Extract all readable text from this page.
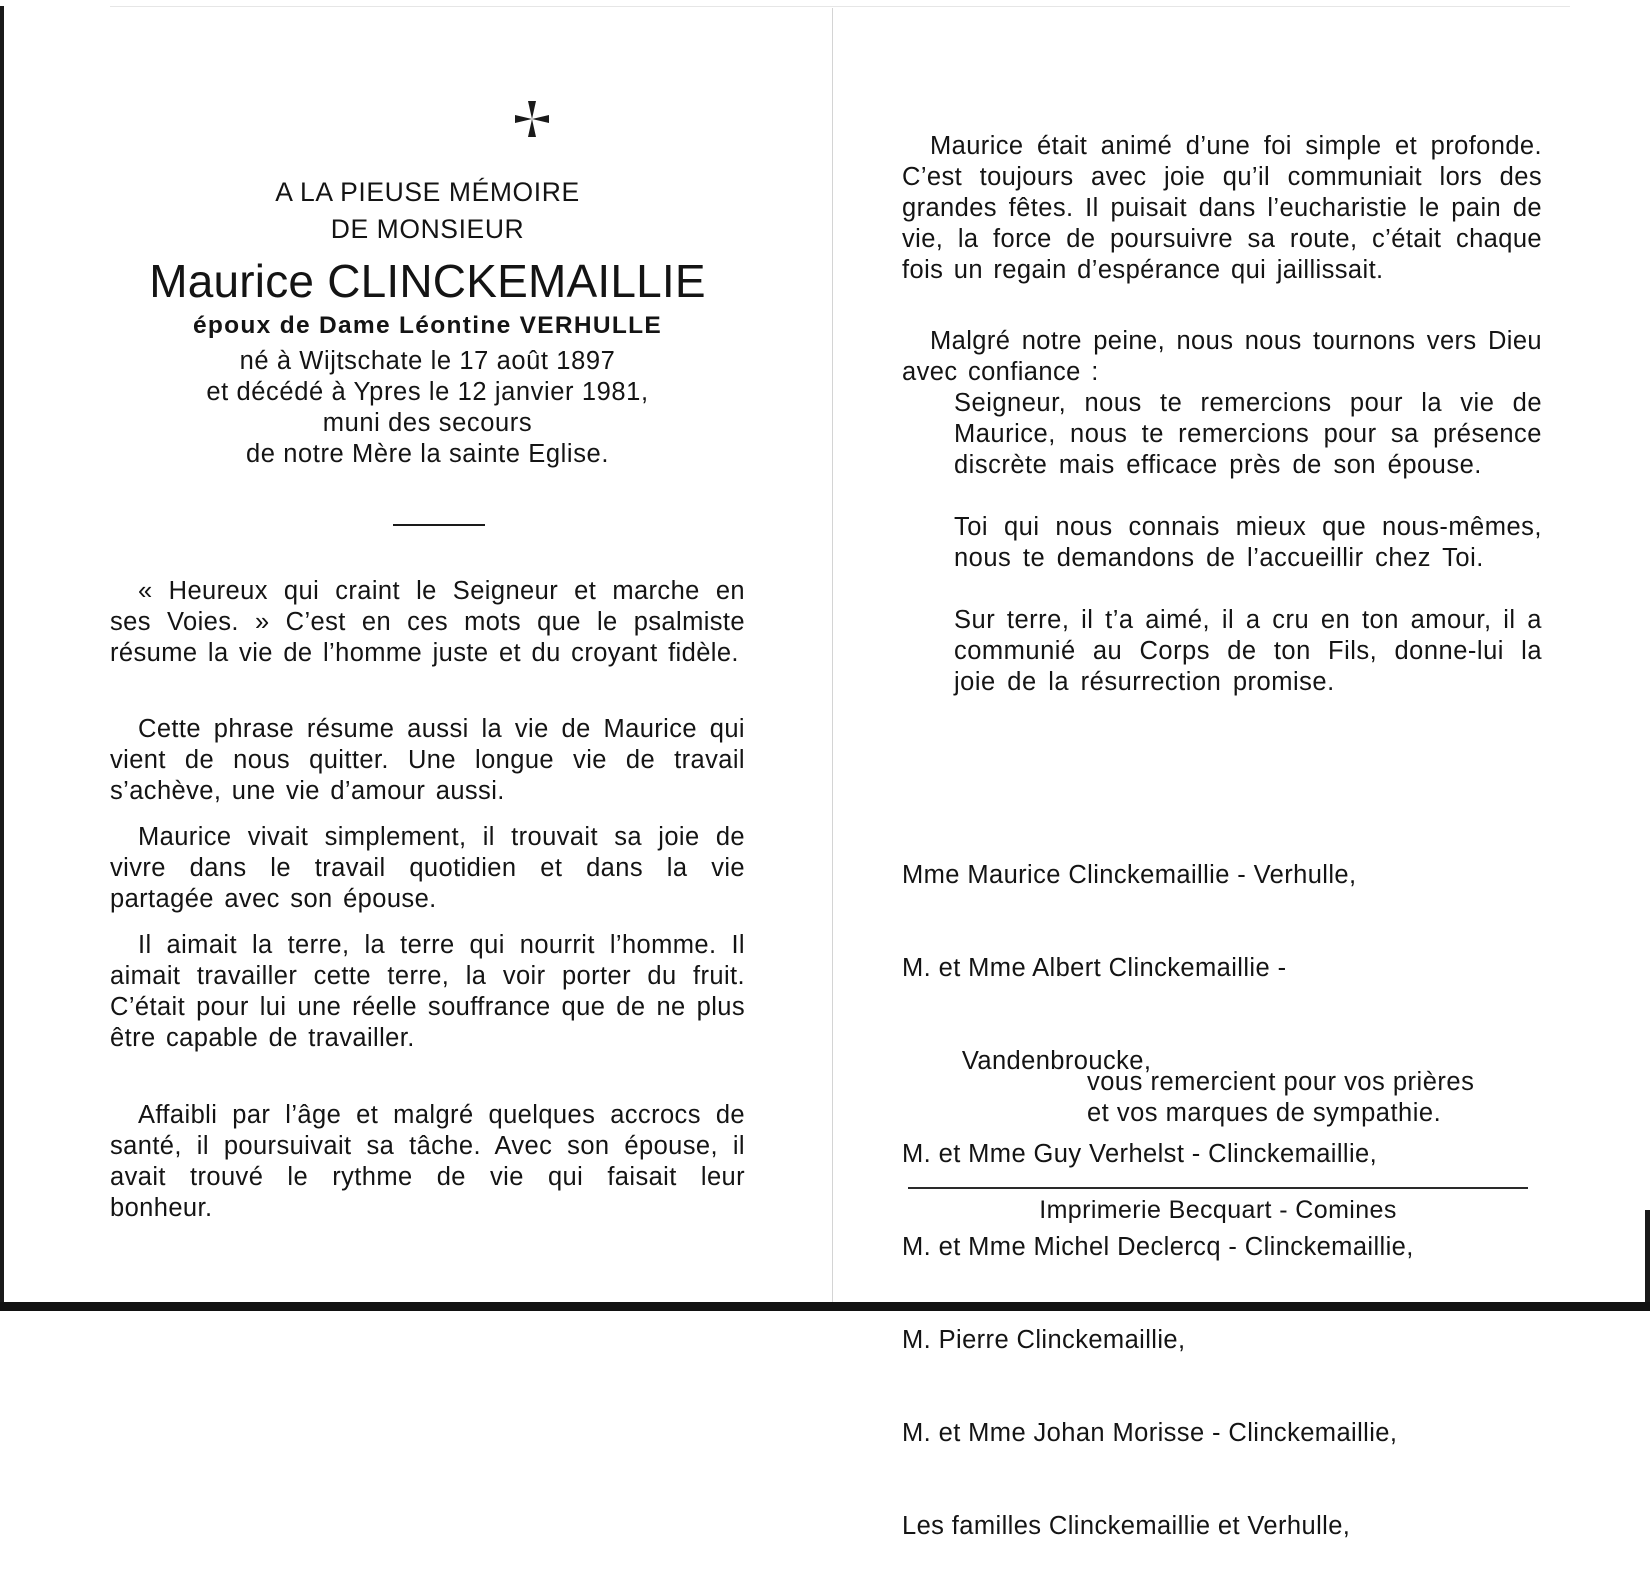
A LA PIEUSE MÉMOIRE
DE MONSIEUR
Maurice CLINCKEMAILLIE
époux de Dame Léontine VERHULLE
né à Wijtschate le 17 août 1897
et décédé à Ypres le 12 janvier 1981,
muni des secours
de notre Mère la sainte Eglise.
« Heureux qui craint le Seigneur et marche en ses Voies. » C’est en ces mots que le psalmiste résume la vie de l’homme juste et du croyant fidèle.
Cette phrase résume aussi la vie de Maurice qui vient de nous quitter. Une longue vie de travail s’achève, une vie d’amour aussi.
Maurice vivait simplement, il trouvait sa joie de vivre dans le travail quotidien et dans la vie partagée avec son épouse.
Il aimait la terre, la terre qui nourrit l’homme. Il aimait travailler cette terre, la voir porter du fruit. C’était pour lui une réelle souffrance que de ne plus être capable de travailler.
Affaibli par l’âge et malgré quelques accrocs de santé, il poursuivait sa tâche. Avec son épouse, il avait trouvé le rythme de vie qui faisait leur bonheur.
Maurice était animé d’une foi simple et profonde. C’est toujours avec joie qu’il communiait lors des grandes fêtes. Il puisait dans l’eucharistie le pain de vie, la force de poursuivre sa route, c’était chaque fois un regain d’espérance qui jaillissait.
Malgré notre peine, nous nous tournons vers Dieu avec confiance :
Seigneur, nous te remercions pour la vie de Maurice, nous te remercions pour sa présence discrète mais efficace près de son épouse.
Toi qui nous connais mieux que nous-mêmes, nous te demandons de l’accueillir chez Toi.
Sur terre, il t’a aimé, il a cru en ton amour, il a communié au Corps de ton Fils, donne-lui la joie de la résurrection promise.

Mme Maurice Clinckemaillie - Verhulle,

M. et Mme Albert Clinckemaillie -

Vandenbroucke,

M. et Mme Guy Verhelst - Clinckemaillie,

M. et Mme Michel Declercq - Clinckemaillie,

M. Pierre Clinckemaillie,

M. et Mme Johan Morisse - Clinckemaillie,

Les familles Clinckemaillie et Verhulle,

vous remercient pour vos prières
et vos marques de sympathie.
Imprimerie Becquart - Comines
